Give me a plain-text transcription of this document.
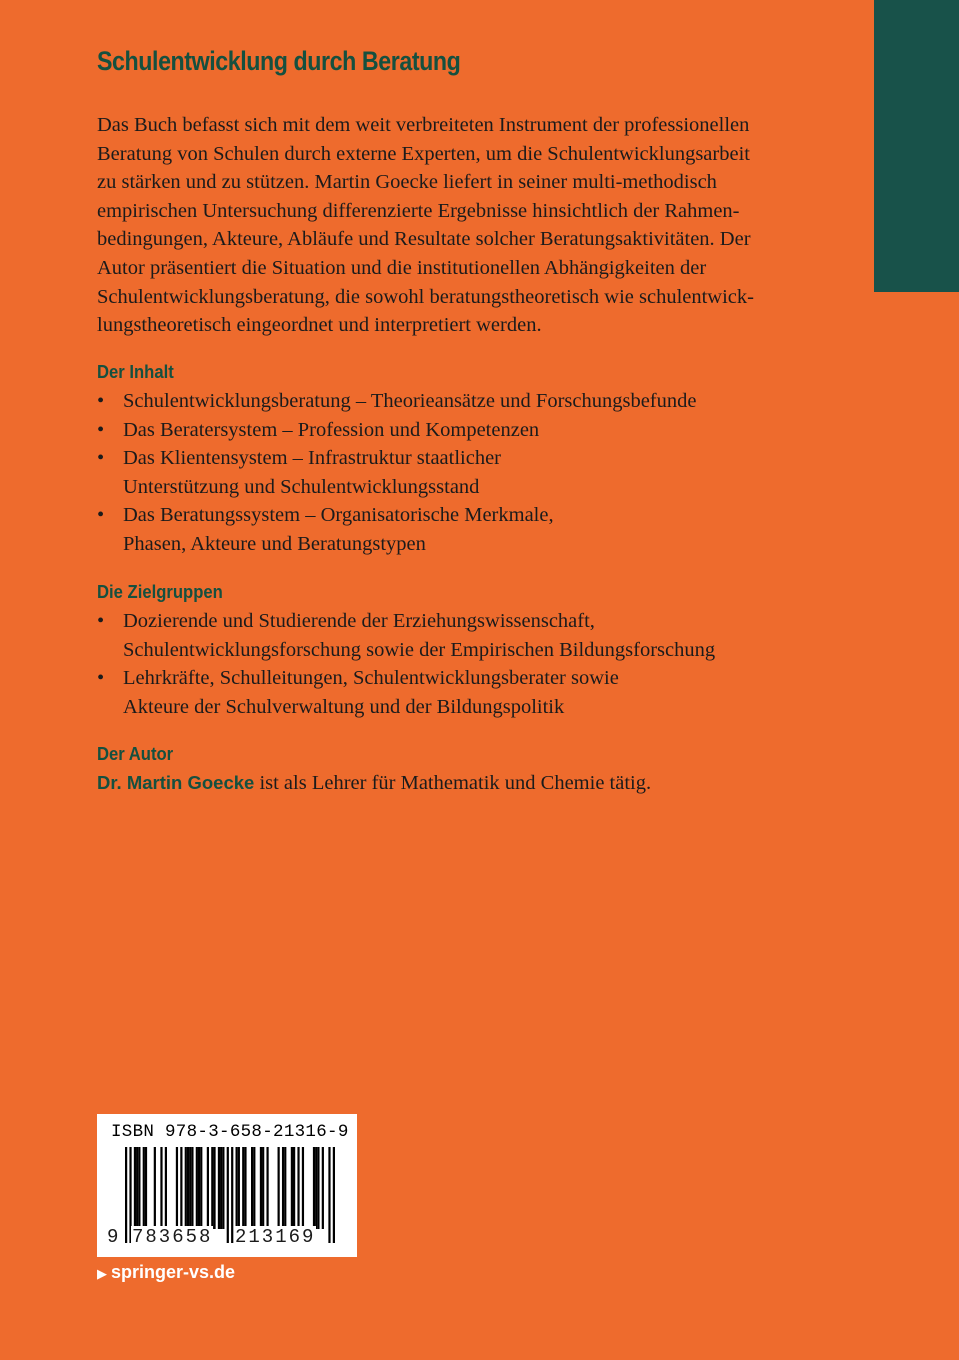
Schulentwicklung durch Beratung
Das Buch befasst sich mit dem weit verbreiteten Instrument der professionellen
Beratung von Schulen durch externe Experten, um die Schulentwicklungsarbeit
zu stärken und zu stützen. Martin Goecke liefert in seiner multi-methodisch
empirischen Untersuchung differenzierte Ergebnisse hinsichtlich der Rahmen-
bedingungen, Akteure, Abläufe und Resultate solcher Beratungsaktivitäten. Der
Autor präsentiert die Situation und die institutionellen Abhängigkeiten der
Schulentwicklungsberatung, die sowohl beratungstheoretisch wie schulentwick-
lungstheoretisch eingeordnet und interpretiert werden.
Der Inhalt
• Schulentwicklungsberatung – Theorieansätze und Forschungsbefunde
• Das Beratersystem – Profession und Kompetenzen
• Das Klientensystem – Infrastruktur staatlicher
Unterstützung und Schulentwicklungsstand
• Das Beratungssystem – Organisatorische Merkmale,
Phasen, Akteure und Beratungstypen
Die Zielgruppen
• Dozierende und Studierende der Erziehungswissenschaft,
Schulentwicklungsforschung sowie der Empirischen Bildungsforschung
• Lehrkräfte, Schulleitungen, Schulentwicklungsberater sowie
Akteure der Schulverwaltung und der Bildungspolitik
Der Autor
Dr. Martin Goecke ist als Lehrer für Mathematik und Chemie tätig.
ISBN 978-3-658-21316-9
9 783658 213169
▶ springer-vs.de
